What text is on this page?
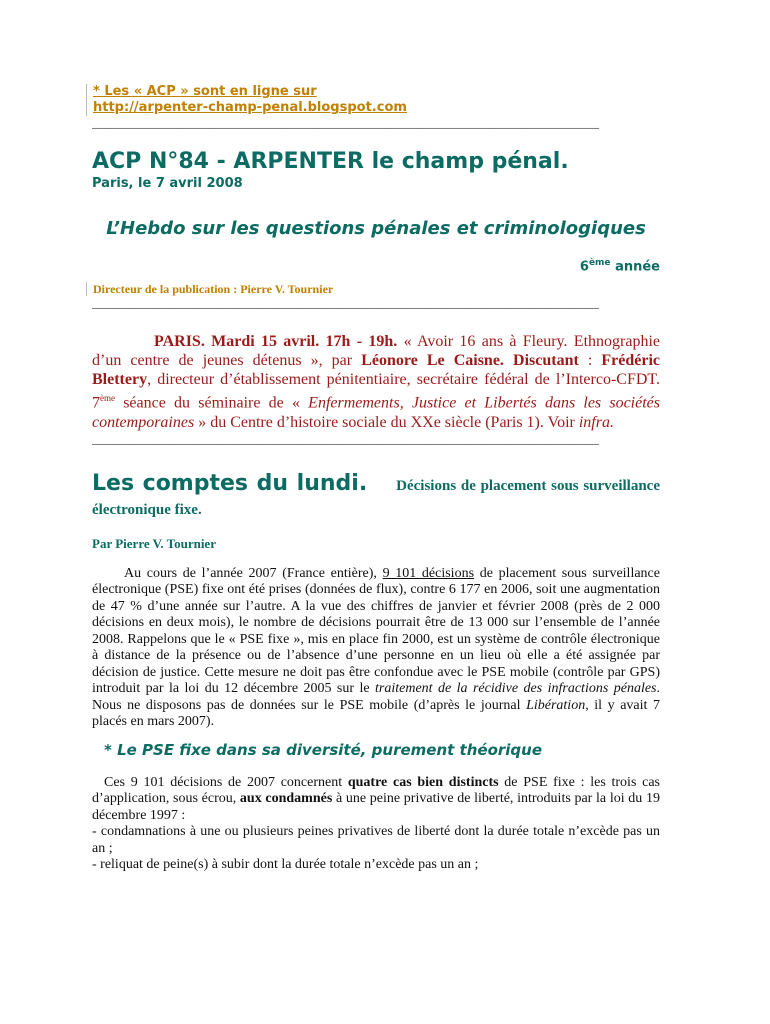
* Les « ACP » sont en ligne sur
http://arpenter-champ-penal.blogspot.com
______________________________________________________________________________
ACP N°84 - ARPENTER le champ pénal.
Paris, le 7 avril 2008
L’Hebdo sur les questions pénales et criminologiques
6ème année
Directeur de la publication : Pierre V. Tournier
______________________________________________________________________________
PARIS. Mardi 15 avril. 17h - 19h. « Avoir 16 ans à Fleury. Ethnographie d’un centre de jeunes détenus », par Léonore Le Caisne. Discutant : Frédéric Blettery, directeur d’établissement pénitentiaire, secrétaire fédéral de l’Interco-CFDT. 7ème séance du séminaire de « Enfermements, Justice et Libertés dans les sociétés contemporaines » du Centre d’histoire sociale du XXe siècle (Paris 1). Voir infra.
______________________________________________________________________________
Les comptes du lundi. Décisions de placement sous surveillance électronique fixe.
Par Pierre V. Tournier
Au cours de l’année 2007 (France entière), 9 101 décisions de placement sous surveillance électronique (PSE) fixe ont été prises (données de flux), contre 6 177 en 2006, soit une augmentation de 47 % d’une année sur l’autre. A la vue des chiffres de janvier et février 2008 (près de 2 000 décisions en deux mois), le nombre de décisions pourrait être de 13 000 sur l’ensemble de l’année 2008. Rappelons que le « PSE fixe », mis en place fin 2000, est un système de contrôle électronique à distance de la présence ou de l’absence d’une personne en un lieu où elle a été assignée par décision de justice. Cette mesure ne doit pas être confondue avec le PSE mobile (contrôle par GPS) introduit par la loi du 12 décembre 2005 sur le traitement de la récidive des infractions pénales. Nous ne disposons pas de données sur le PSE mobile (d’après le journal Libération, il y avait 7 placés en mars 2007).
* Le PSE fixe dans sa diversité, purement théorique
Ces 9 101 décisions de 2007 concernent quatre cas bien distincts de PSE fixe : les trois cas d’application, sous écrou, aux condamnés à une peine privative de liberté, introduits par la loi du 19 décembre 1997 :
- condamnations à une ou plusieurs peines privatives de liberté dont la durée totale n’excède pas un an ;
- reliquat de peine(s) à subir dont la durée totale n’excède pas un an ;
